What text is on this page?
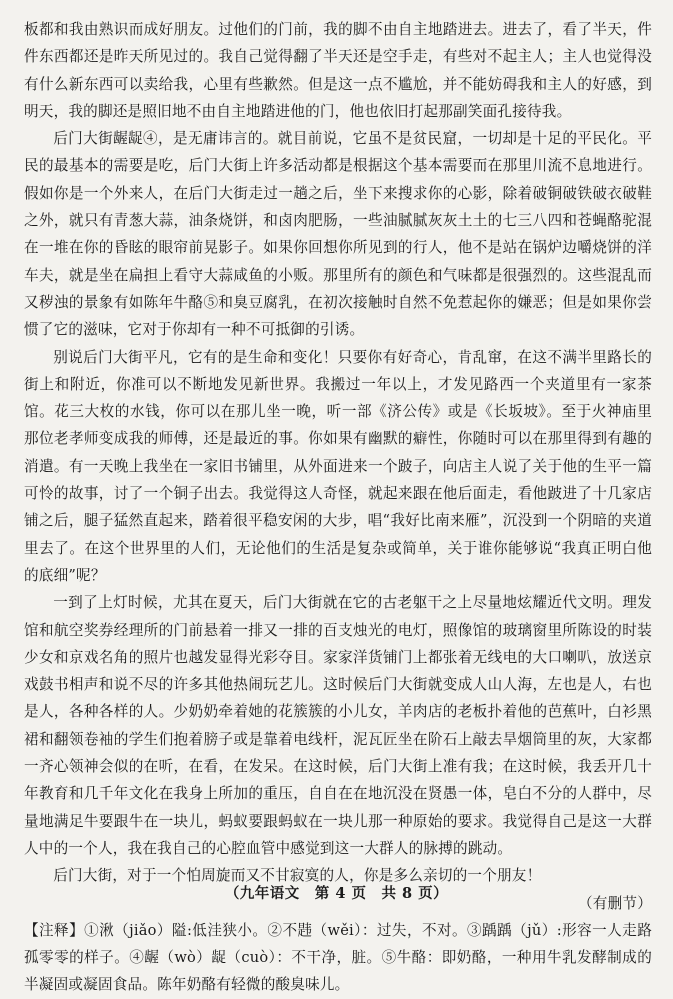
板都和我由熟识而成好朋友。过他们的门前，我的脚不由自主地踏进去。进去了，看了半天，件件东西都还是昨天所见过的。我自己觉得翻了半天还是空手走，有些对不起主人；主人也觉得没有什么新东西可以卖给我，心里有些歉然。但是这一点不尴尬，并不能妨碍我和主人的好感，到明天，我的脚还是照旧地不由自主地踏进他的门，他也依旧打起那副笑面孔接待我。

后门大街龌龊④，是无庸讳言的。就目前说，它虽不是贫民窟，一切却是十足的平民化。平民的最基本的需要是吃，后门大街上许多活动都是根据这个基本需要而在那里川流不息地进行。假如你是一个外来人，在后门大街走过一趟之后，坐下来搜求你的心影，除着破铜破铁破衣破鞋之外，就只有青葱大蒜，油条烧饼，和卤肉肥肠，一些油腻腻灰灰土土的七三八四和苍蝇酪驼混在一堆在你的昏眩的眼帘前晃影子。如果你回想你所见到的行人，他不是站在锅炉边嚼烧饼的洋车夫，就是坐在扁担上看守大蒜咸鱼的小贩。那里所有的颜色和气味都是很强烈的。这些混乱而又秽浊的景象有如陈年牛酪⑤和臭豆腐乳，在初次接触时自然不免惹起你的嫌恶；但是如果你尝惯了它的滋味，它对于你却有一种不可抵御的引诱。

别说后门大街平凡，它有的是生命和变化！只要你有好奇心，肯乱窜，在这不满半里路长的街上和附近，你准可以不断地发见新世界。我搬过一年以上，才发见路西一个夹道里有一家茶馆。花三大枚的水钱，你可以在那儿坐一晚，听一部《济公传》或是《长坂坡》。至于火神庙里那位老孝师变成我的师傅，还是最近的事。你如果有幽默的癖性，你随时可以在那里得到有趣的消遣。有一天晚上我坐在一家旧书铺里，从外面进来一个跛子，向店主人说了关于他的生平一篇可怜的故事，讨了一个铜子出去。我觉得这人奇怪，就起来跟在他后面走，看他跛进了十几家店铺之后，腿子猛然直起来，踏着很平稳安闲的大步，唱“我好比南来雁”，沉没到一个阴暗的夹道里去了。在这个世界里的人们，无论他们的生活是复杂或简单，关于谁你能够说“我真正明白他的底细”呢？

一到了上灯时候，尤其在夏天，后门大街就在它的古老躯干之上尽量地炫耀近代文明。理发馆和航空奖券经理所的门前悬着一排又一排的百支烛光的电灯，照像馆的玻璃窗里所陈设的时装少女和京戏名角的照片也越发显得光彩夺目。家家洋货铺门上都张着无线电的大口喇叭，放送京戏鼓书相声和说不尽的许多其他热闹玩艺儿。这时候后门大街就变成人山人海，左也是人，右也是人，各种各样的人。少奶奶牵着她的花簇簇的小儿女，羊肉店的老板扑着他的芭蕉叶，白衫黑裙和翻领卷袖的学生们抱着膀子或是靠着电线杆，泥瓦匠坐在阶石上敲去旱烟筒里的灰，大家都一齐心领神会似的在听，在看，在发呆。在这时候，后门大街上准有我；在这时候，我丢开几十年教育和几千年文化在我身上所加的重压，自自在在地沉没在贤愚一体，皂白不分的人群中，尽量地满足牛要跟牛在一块儿，蚂蚁要跟蚂蚁在一块儿那一种原始的要求。我觉得自己是这一大群人中的一个人，我在我自己的心腔血管中感觉到这一大群人的脉搏的跳动。

后门大街，对于一个怕周旋而又不甘寂寞的人，你是多么亲切的一个朋友！

（有删节）

【注释】①湫（jiǎo）隘:低洼狭小。②不韪（wěi）：过失，不对。③踽踽（jǔ）:形容一人走路孤零零的样子。④龌（wò）龊（cuò）：不干净，脏。⑤牛酪：即奶酪，一种用牛乳发酵制成的半凝固或凝固食品。陈年奶酪有轻微的酸臭味儿。

（九年语文　第 4 页　共 8 页）
